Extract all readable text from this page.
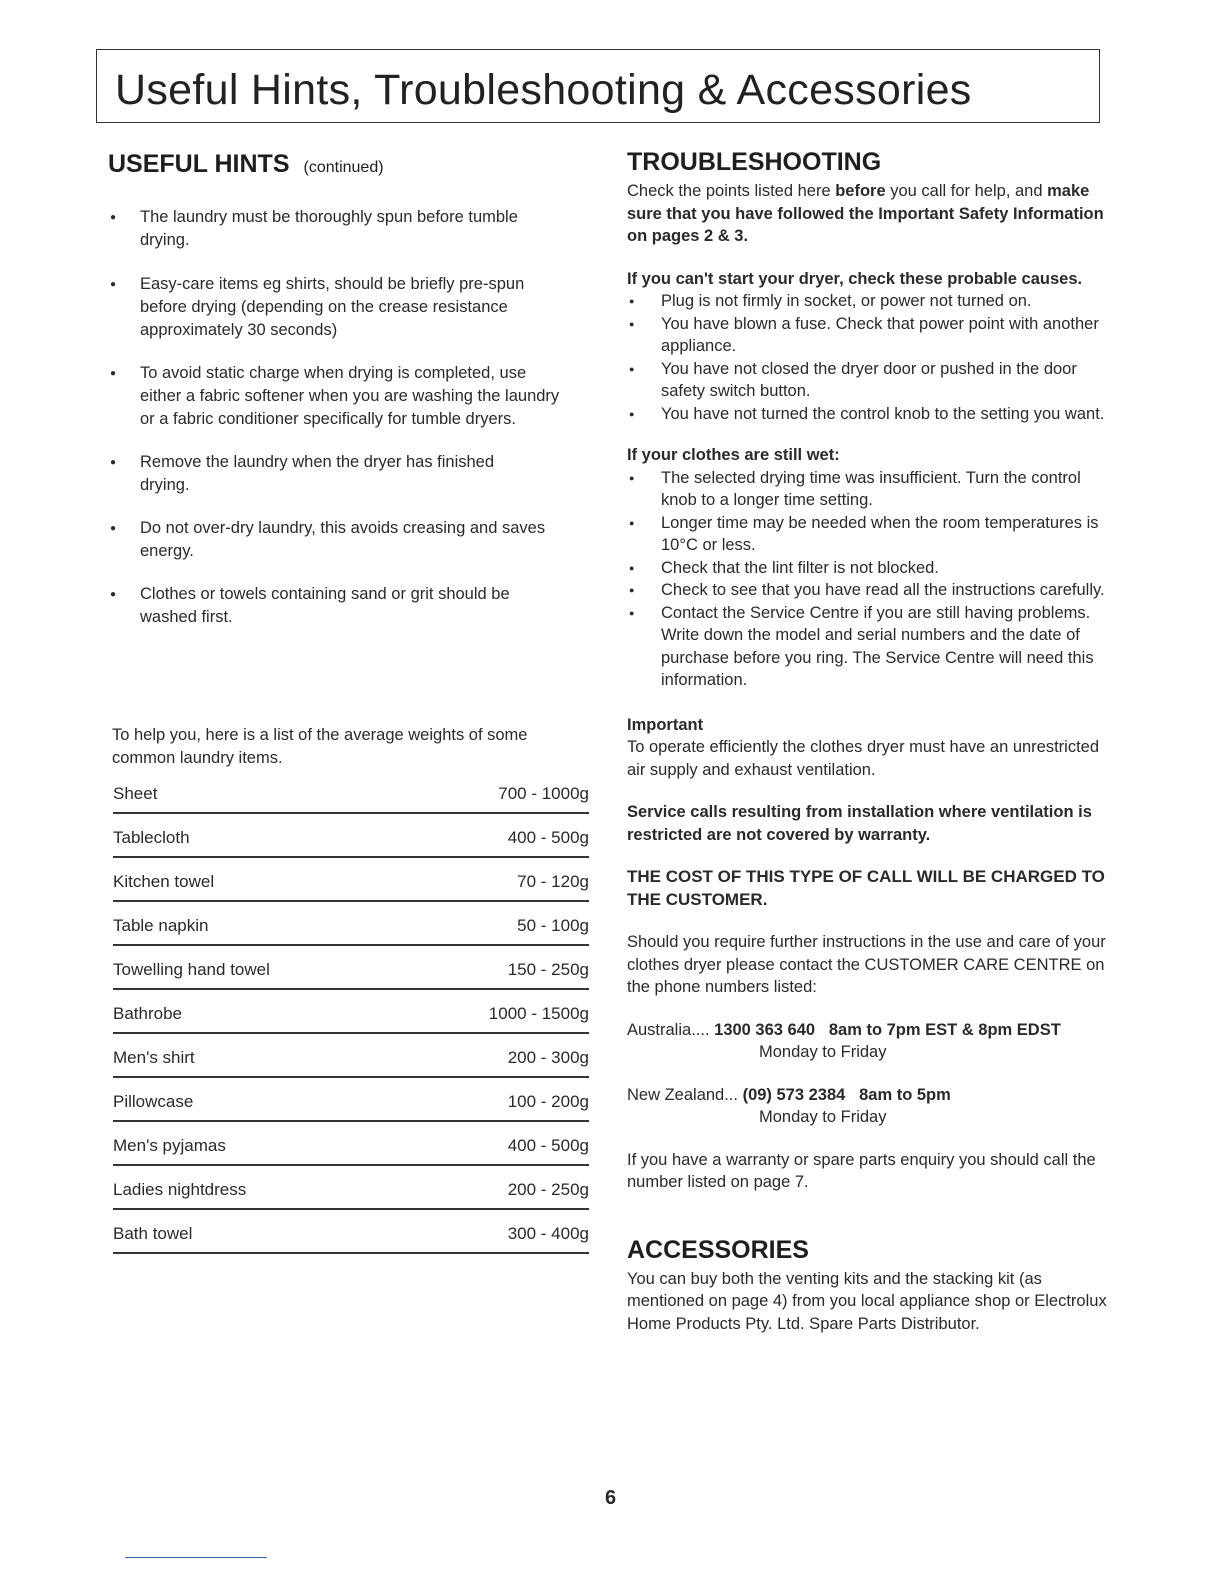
Useful Hints, Troubleshooting & Accessories
USEFUL HINTS (continued)
● The laundry must be thoroughly spun before tumble drying.
● Easy-care items eg shirts, should be briefly pre-spun before drying (depending on the crease resistance approximately 30 seconds)
● To avoid static charge when drying is completed, use either a fabric softener when you are washing the laundry or a fabric conditioner specifically for tumble dryers.
● Remove the laundry when the dryer has finished drying.
● Do not over-dry laundry, this avoids creasing and saves energy.
● Clothes or towels containing sand or grit should be washed first.

To help you, here is a list of the average weights of some common laundry items.

Sheet	700 - 1000g
Tablecloth	400 - 500g
Kitchen towel	70 - 120g
Table napkin	50 - 100g
Towelling hand towel	150 - 250g
Bathrobe	1000 - 1500g
Men's shirt	200 - 300g
Pillowcase	100 - 200g
Men's pyjamas	400 - 500g
Ladies nightdress	200 - 250g
Bath towel	300 - 400g
TROUBLESHOOTING

Check the points listed here before you call for help, and make sure that you have followed the Important Safety Information on pages 2 & 3.

If you can't start your dryer, check these probable causes.

● Plug is not firmly in socket, or power not turned on.
● You have blown a fuse. Check that power point with another appliance.
● You have not closed the dryer door or pushed in the door safety switch button.
● You have not turned the control knob to the setting you want.

If your clothes are still wet:

● The selected drying time was insufficient. Turn the control knob to a longer time setting.
● Longer time may be needed when the room temperatures is 10°C or less.
● Check that the lint filter is not blocked.
● Check to see that you have read all the instructions carefully.
● Contact the Service Centre if you are still having problems. Write down the model and serial numbers and the date of purchase before you ring. The Service Centre will need this information.

Important

To operate efficiently the clothes dryer must have an unrestricted air supply and exhaust ventilation.

Service calls resulting from installation where ventilation is restricted are not covered by warranty.

THE COST OF THIS TYPE OF CALL WILL BE CHARGED TO THE CUSTOMER.

Should you require further instructions in the use and care of your clothes dryer please contact the CUSTOMER CARE CENTRE on the phone numbers listed:

Australia.... 1300 363 640 8am to 7pm EST & 8pm EDST

Monday to Friday

New Zealand... (09) 573 2384 8am to 5pm

Monday to Friday

If you have a warranty or spare parts enquiry you should call the number listed on page 7.

ACCESSORIES

You can buy both the venting kits and the stacking kit (as mentioned on page 4) from you local appliance shop or Electrolux Home Products Pty. Ltd. Spare Parts Distributor.

6
